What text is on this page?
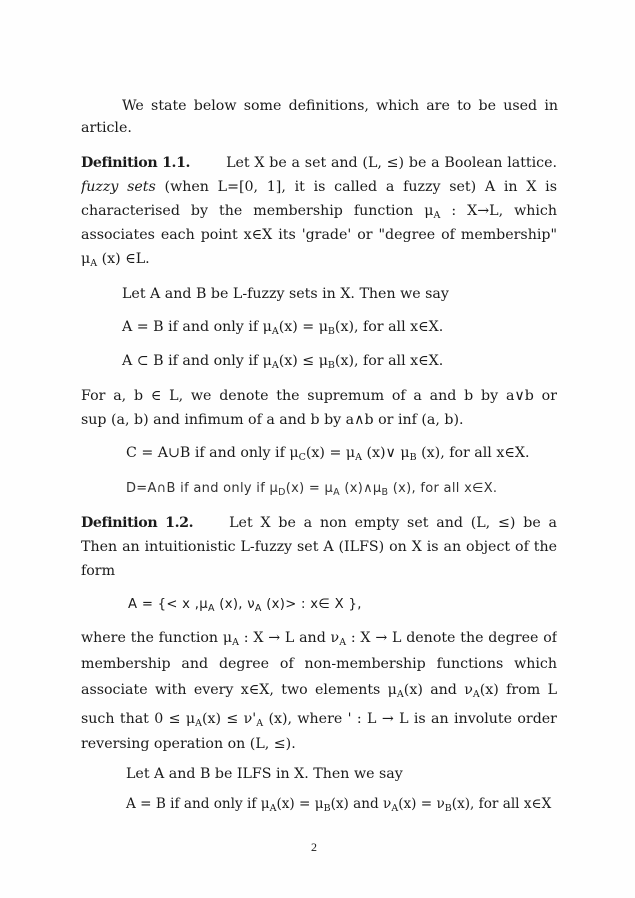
We state below some definitions, which are to be used in
article.
Definition 1.1.	Let X be a set and (L, ≤) be a Boolean lattice.
fuzzy sets (when L=[0, 1], it is called a fuzzy set) A in X is
characterised by the membership function $\mu_A$ : X→L, which
associates each point x∈X its 'grade' or "degree of membership"
$\mu_A$ (x) ∈L.
Let A and B be L-fuzzy sets in X. Then we say
A = B if and only if $\mu_A(x) = \mu_B(x)$, for all x∈X.
A ⊂ B if and only if $\mu_A(x) \le \mu_B(x)$, for all x∈X.
For a, b ∈ L, we denote the supremum of a and b by a∨b or
sup (a, b) and infimum of a and b by a∧b or inf (a, b).
C = A∪B if and only if $\mu_C(x) = \mu_A$ (x)∨ $\mu_B$ (x), for all x∈X.
D=A∩B if and only if $\mu_D(x) = \mu_A$ $(x)\wedge\mu_B$ (x), for all x∈X.
Definition 1.2.	Let X be a non empty set and (L, ≤) be a
Then an intuitionistic L-fuzzy set A (ILFS) on X is an object of the
form
A = {< x $,\mu_A$ (x), $\nu_A$ (x)> : x∈ X },
where the function $\mu_A$ : X → L and $\nu_A$ : X → L denote the degree of
membership and degree of non-membership functions which
associate with every x∈X, two elements $\mu_A(x)$ and $\nu_A(x)$ from L
such that $0 \le \mu_A(x) \le \nu'_A$ (x), where ' : L → L is an involute order
reversing operation on (L, ≤).
Let A and B be ILFS in X. Then we say
A = B if and only if $\mu_A(x) = \mu_B(x)$ and $\nu_A(x) = \nu_B(x)$, for all x∈X
2
